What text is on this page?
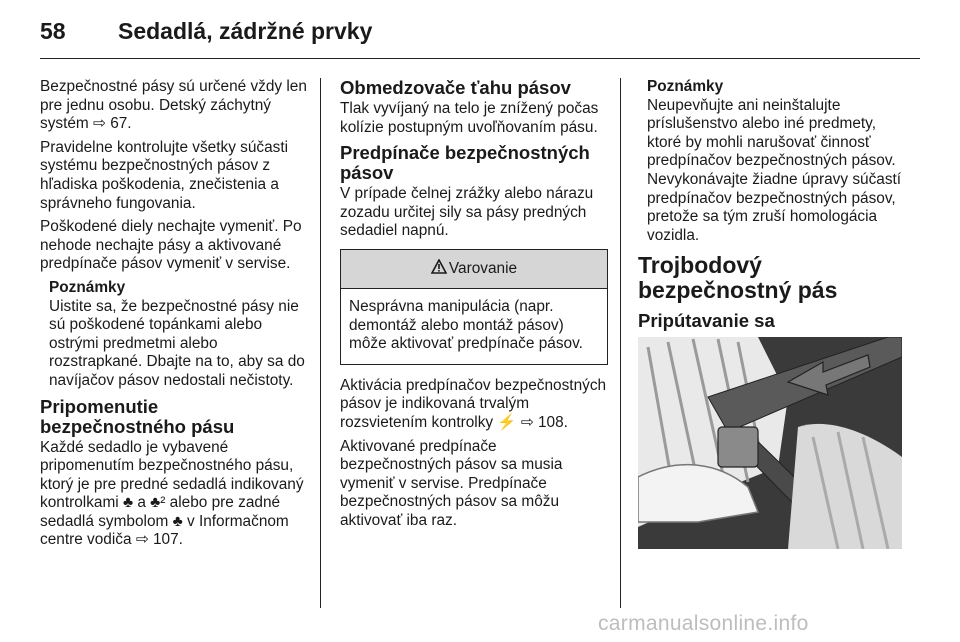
58 Sedadlá, zádržné prvky

Bezpečnostné pásy sú určené vždy len pre jednu osobu. Detský záchytný systém ⇨ 67.

Pravidelne kontrolujte všetky súčasti systému bezpečnostných pásov z hľadiska poškodenia, znečistenia a správneho fungovania.

Poškodené diely nechajte vymeniť. Po nehode nechajte pásy a aktivované predpínače pásov vymeniť v servise.

Poznámky
Uistite sa, že bezpečnostné pásy nie sú poškodené topánkami alebo ostrými predmetmi alebo rozstrapkané. Dbajte na to, aby sa do navíjačov pásov nedostali nečistoty.
Pripomenutie bezpečnostného pásu

Každé sedadlo je vybavené pripomenutím bezpečnostného pásu, ktorý je pre predné sedadlá indikovaný kontrolkami ♣ a ♣² alebo pre zadné sedadlá symbolom ♣ v Informačnom centre vodiča ⇨ 107.

Obmedzovače ťahu pásov

Tlak vyvíjaný na telo je znížený počas kolízie postupným uvoľňovaním pásu.

Predpínače bezpečnostných pásov

V prípade čelnej zrážky alebo nárazu zozadu určitej sily sa pásy predných sedadiel napnú.

Varovanie
Nesprávna manipulácia (napr. demontáž alebo montáž pásov) môže aktivovať predpínače pásov.

Aktivácia predpínačov bezpečnostných pásov je indikovaná trvalým rozsvietením kontrolky ⚡ ⇨ 108.

Aktivované predpínače bezpečnostných pásov sa musia vymeniť v servise. Predpínače bezpečnostných pásov sa môžu aktivovať iba raz.

Poznámky
Neupevňujte ani neinštalujte príslušenstvo alebo iné predmety, ktoré by mohli narušovať činnosť predpínačov bezpečnostných pásov. Nevykonávajte žiadne úpravy súčastí predpínačov bezpečnostných pásov, pretože sa tým zruší homologácia vozidla.
Trojbodový bezpečnostný pás
Pripútavanie sa
carmanualsonline.info
